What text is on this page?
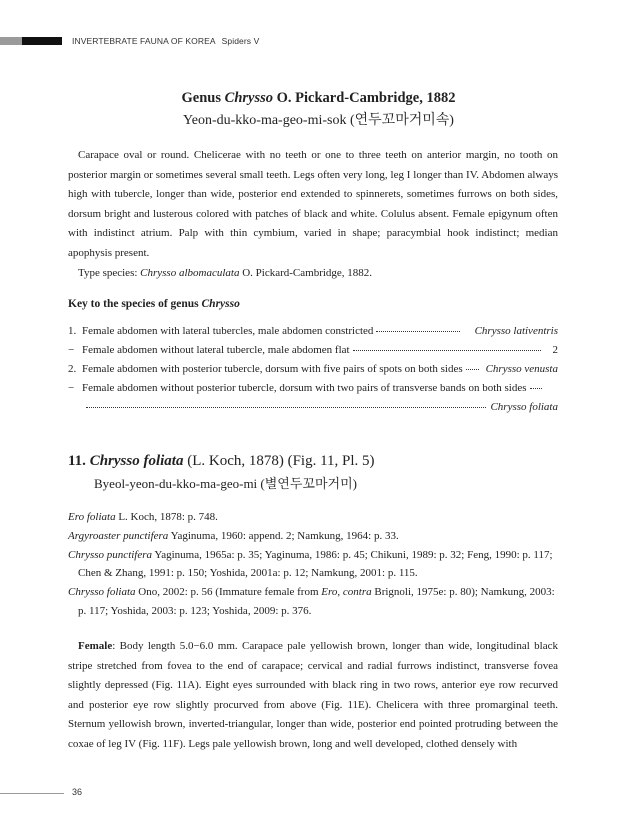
INVERTEBRATE FAUNA OF KOREA Spiders V
Genus Chrysso O. Pickard-Cambridge, 1882
Yeon-du-kko-ma-geo-mi-sok (연두꼬마거미속)

Carapace oval or round. Chelicerae with no teeth or one to three teeth on anterior margin, no tooth on posterior margin or sometimes several small teeth. Legs often very long, leg I longer than IV. Abdomen always high with tubercle, longer than wide, posterior end extended to spinnerets, sometimes furrows on both sides, dorsum bright and lusterous colored with patches of black and white. Colulus absent. Female epigynum often with indistinct atrium. Palp with thin cymbium, varied in shape; paracymbial hook indistinct; median apophysis present.

Type species: Chrysso albomaculata O. Pickard-Cambridge, 1882.

Key to the species of genus Chrysso
1. Female abdomen with lateral tubercles, male abdomen constricted	Chrysso lativentris
− Female abdomen without lateral tubercle, male abdomen flat	2
2. Female abdomen with posterior tubercle, dorsum with five pairs of spots on both sides Chrysso venusta
− Female abdomen without posterior tubercle, dorsum with two pairs of transverse bands on both sides
Chrysso foliata
11. Chrysso foliata (L. Koch, 1878) (Fig. 11, Pl. 5)
Byeol-yeon-du-kko-ma-geo-mi (별연두꼬마거미)

Ero foliata L. Koch, 1878: p. 748.

Argyroaster punctifera Yaginuma, 1960: append. 2; Namkung, 1964: p. 33.

Chrysso punctifera Yaginuma, 1965a: p. 35; Yaginuma, 1986: p. 45; Chikuni, 1989: p. 32; Feng, 1990: p. 117; Chen & Zhang, 1991: p. 150; Yoshida, 2001a: p. 12; Namkung, 2001: p. 115.

Chrysso foliata Ono, 2002: p. 56 (Immature female from Ero, contra Brignoli, 1975e: p. 80); Namkung, 2003: p. 117; Yoshida, 2003: p. 123; Yoshida, 2009: p. 376.

Female: Body length 5.0−6.0 mm. Carapace pale yellowish brown, longer than wide, longitudinal black stripe stretched from fovea to the end of carapace; cervical and radial furrows indistinct, transverse fovea slightly depressed (Fig. 11A). Eight eyes surrounded with black ring in two rows, anterior eye row recurved and posterior eye row slightly procurved from above (Fig. 11E). Chelicera with three promarginal teeth. Sternum yellowish brown, inverted-triangular, longer than wide, posterior end pointed protruding between the coxae of leg IV (Fig. 11F). Legs pale yellowish brown, long and well developed, clothed densely with

36
